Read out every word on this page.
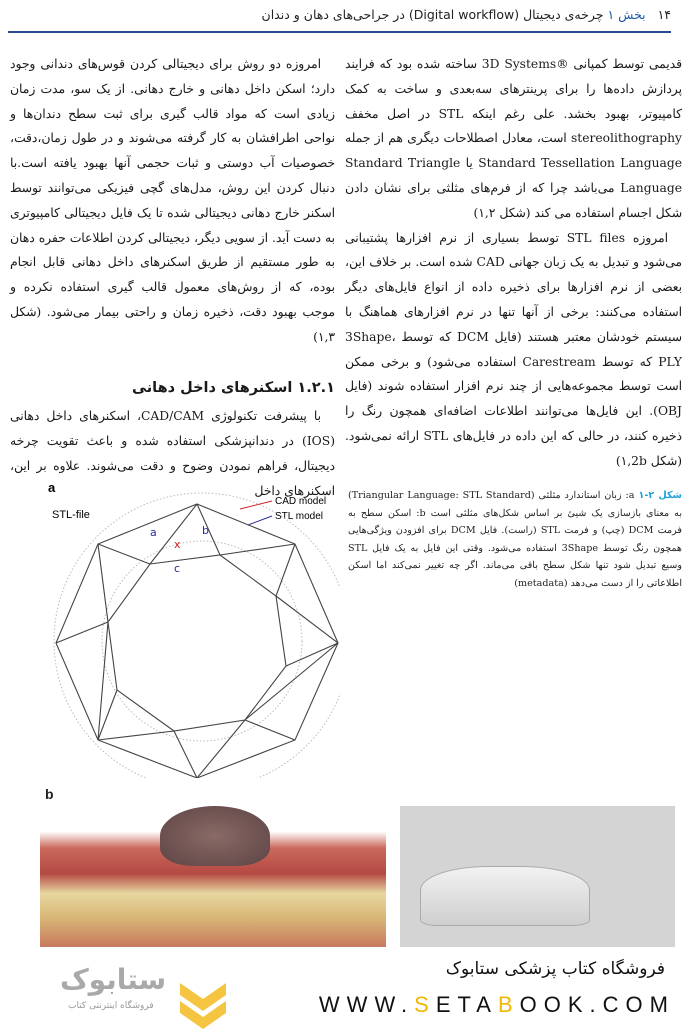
۱۴   بخش ۱ چرخه‌ی دیجیتال (Digital workflow) در جراحی‌های دهان و دندان

قدیمی توسط کمپانی ®3D Systems ساخته شده بود که فرایند پردازش داده‌ها را برای پرینترهای سه‌بعدی و ساخت به کمک کامپیوتر، بهبود بخشد. علی رغم اینکه STL در اصل مخفف stereolithography است، معادل اصطلاحات دیگری هم از جمله Standard Tessellation Language یا Standard Triangle Language می‌باشد چرا که از فرم‌های مثلثی برای نشان دادن شکل اجسام استفاده می کند (شکل ۱,۲)

امروزه STL files توسط بسیاری از نرم افزارها پشتیبانی می‌شود و تبدیل به یک زبان جهانی CAD شده است. بر خلاف این، بعضی از نرم افزارها برای ذخیره داده از انواع فایل‌های دیگر استفاده می‌کنند: برخی از آنها تنها در نرم افزارهای هماهنگ با سیستم خودشان معتبر هستند (فایل DCM که توسط 3Shape، PLY که توسط Carestream استفاده می‌شود) و برخی ممکن است توسط مجموعه‌هایی از چند نرم افزار استفاده شوند (فایل OBJ). این فایل‌ها می‌توانند اطلاعات اضافه‌ای همچون رنگ را ذخیره کنند، در حالی که این داده در فایل‌های STL ارائه نمی‌شود. (شکل ۱,2b)

امروزه دو روش برای دیجیتالی کردن قوس‌های دندانی وجود دارد؛ اسکن داخل دهانی و خارج دهانی. از یک سو، مدت زمان زیادی است که مواد قالب گیری برای ثبت سطح دندان‌ها و نواحی اطرافشان به کار گرفته می‌شوند و در طول زمان،دقت، خصوصیات آب دوستی و ثبات حجمی آنها بهبود یافته است.با دنبال کردن این روش، مدل‌های گچی فیزیکی می‌توانند توسط اسکنر خارج دهانی دیجیتالی شده تا یک فایل دیجیتالی کامپیوتری به دست آید. از سویی دیگر، دیجیتالی کردن اطلاعات حفره دهان به طور مستقیم از طریق اسکنرهای داخل دهانی قابل انجام بوده، که از روش‌های معمول قالب گیری استفاده نکرده و موجب بهبود دقت، ذخیره زمان و راحتی بیمار می‌شود. (شکل ۱,۳)

۱.۲.۱ اسکنرهای داخل دهانی

با پیشرفت تکنولوژی CAD/CAM، اسکنرهای داخل دهانی (IOS) در دندانپزشکی استفاده شده و باعث تقویت چرخه دیجیتال، فراهم نمودن وضوح و دقت می‌شوند. علاوه بر این، اسکنرهای داخل

a
STL-file
CAD model
STL model
a	b
x
c
شکل ۲-۱ a: زبان استاندارد مثلثی (Triangular Language: STL Standard) به معنای بازسازی یک شیئ بر اساس شکل‌های مثلثی است b: اسکن سطح به فرمت DCM (چپ) و فرمت STL (راست). فایل DCM برای افزودن ویژگی‌هایی همچون رنگ توسط 3Shape استفاده می‌شود. وقتی این فایل به یک فایل STL وسیع تبدیل شود تنها شکل سطح باقی می‌ماند. اگر چه تغییر نمی‌کند اما اسکن اطلاعاتی را از دست می‌دهد (metadata)
b
ستابوک
فروشگاه اینترنتی کتاب
فروشگاه کتاب پزشکی ستابوک
WWW.SETABOOK.COM
